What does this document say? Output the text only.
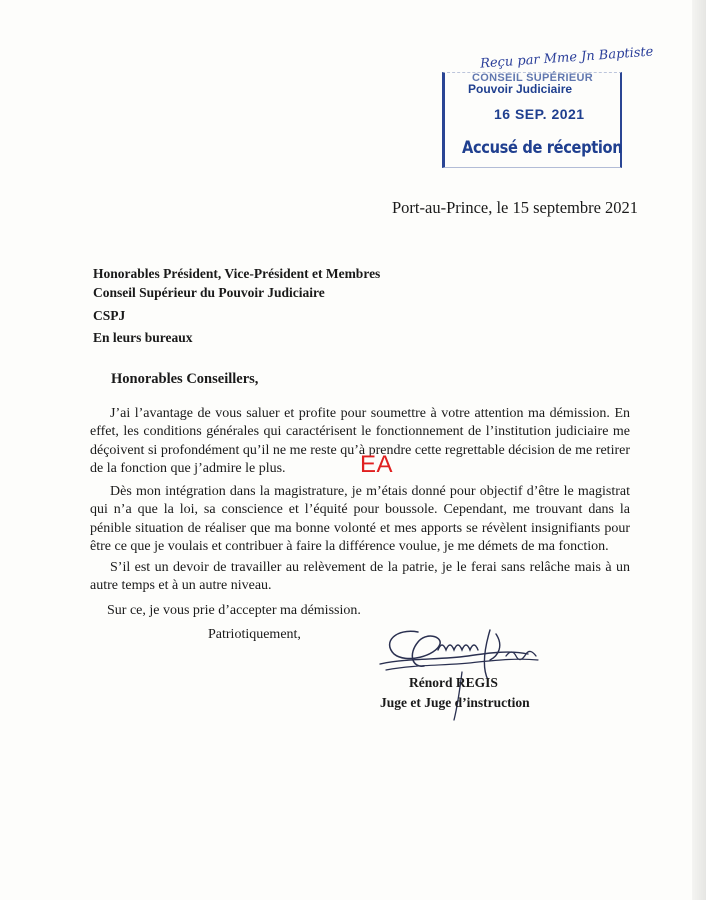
Reçu par Mme Jn Baptiste
CONSEIL SUPÉRIEUR
Pouvoir Judiciaire
16 SEP. 2021
Accusé de réception
Port-au-Prince, le 15 septembre 2021
Honorables Président, Vice-Président et Membres
Conseil Supérieur du Pouvoir Judiciaire
CSPJ
En leurs bureaux
Honorables Conseillers,
J’ai l’avantage de vous saluer et profite pour soumettre à votre attention ma démission. En effet, les conditions générales qui caractérisent le fonctionnement de l’institution judiciaire me déçoivent si profondément qu’il ne me reste qu’à prendre cette regrettable décision de me retirer de la fonction que j’admire le plus.
Dès mon intégration dans la magistrature, je m’étais donné pour objectif d’être le magistrat qui n’a que la loi, sa conscience et l’équité pour boussole. Cependant, me trouvant dans la pénible situation de réaliser que ma bonne volonté et mes apports se révèlent insignifiants pour être ce que je voulais et contribuer à faire la différence voulue, je me démets de ma fonction.
S’il est un devoir de travailler au relèvement de la patrie, je le ferai sans relâche mais à un autre temps et à un autre niveau.
EA
Sur ce, je vous prie d’accepter ma démission.
Patriotiquement,
Rénord REGIS
Juge et Juge d’instruction
